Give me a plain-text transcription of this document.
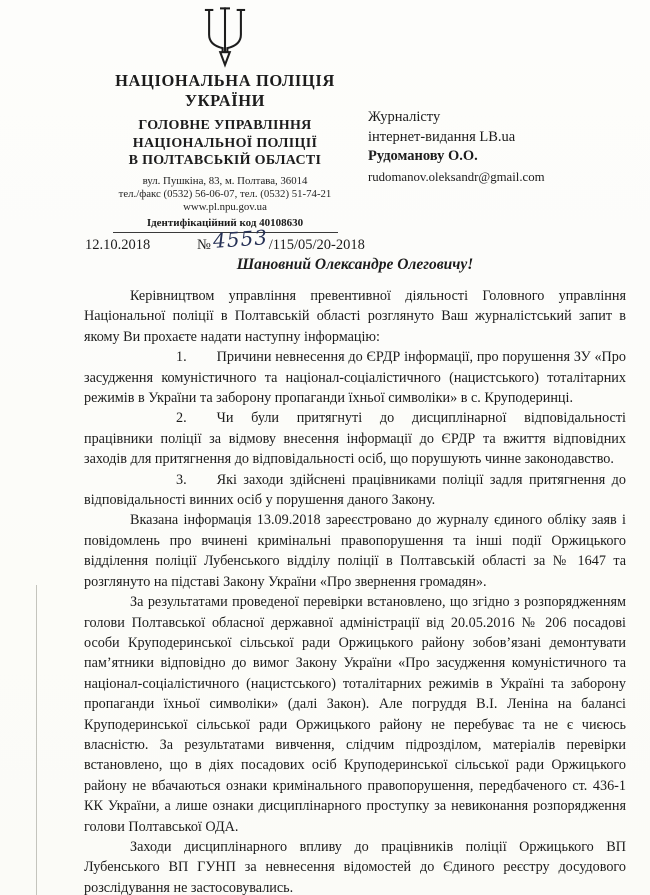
НАЦІОНАЛЬНА ПОЛІЦІЯ
УКРАЇНИ
ГОЛОВНЕ УПРАВЛІННЯ
НАЦІОНАЛЬНОЇ ПОЛІЦІЇ
В ПОЛТАВСЬКІЙ ОБЛАСТІ
вул. Пушкіна, 83, м. Полтава, 36014
тел./факс (0532) 56-06-07, тел. (0532) 51-74-21
www.pl.npu.gov.ua
Ідентифікаційний код 40108630
Журналісту
інтернет-видання LB.ua
Рудоманову О.О.
rudomanov.oleksandr@gmail.com
12.10.2018	№4553/115/05/20-2018
Шановний Олександре Олеговичу!

Керівництвом управління превентивної діяльності Головного управління Національної поліції в Полтавській області розглянуто Ваш журналістський запит в якому Ви прохаєте надати наступну інформацію:

1. Причини невнесення до ЄРДР інформації, про порушення ЗУ «Про засудження комуністичного та націонал-соціалістичного (нацистського) тоталітарних режимів в України та заборону пропаганди їхньої символіки» в с. Круподеринці.

2. Чи були притягнуті до дисциплінарної відповідальності працівники поліції за відмову внесення інформації до ЄРДР та вжиття відповідних заходів для притягнення до відповідальності осіб, що порушують чинне законодавство.

3. Які заходи здійснені працівниками поліції задля притягнення до відповідальності винних осіб у порушення даного Закону.

Вказана інформація 13.09.2018 зареєстровано до журналу єдиного обліку заяв і повідомлень про вчинені кримінальні правопорушення та інші події Оржицького відділення поліції Лубенського відділу поліції в Полтавській області за № 1647 та розглянуто на підставі Закону України «Про звернення громадян».

За результатами проведеної перевірки встановлено, що згідно з розпорядженням голови Полтавської обласної державної адміністрації від 20.05.2016 № 206 посадові особи Круподеринської сільської ради Оржицького району зобов’язані демонтувати пам’ятники відповідно до вимог Закону України «Про засудження комуністичного та націонал-соціалістичного (нацистського) тоталітарних режимів в Україні та заборону пропаганди їхньої символіки» (далі Закон). Але погруддя В.І. Леніна на балансі Круподеринської сільської ради Оржицького району не перебуває та не є чиєюсь власністю. За результатами вивчення, слідчим підрозділом, матеріалів перевірки встановлено, що в діях посадових осіб Круподеринської сільської ради Оржицького району не вбачаються ознаки кримінального правопорушення, передбаченого ст. 436-1 КК України, а лише ознаки дисциплінарного проступку за невиконання розпорядження голови Полтавської ОДА.

Заходи дисциплінарного впливу до працівників поліції Оржицького ВП Лубенського ВП ГУНП за невнесення відомостей до Єдиного реєстру досудового розслідування не застосовувались.
